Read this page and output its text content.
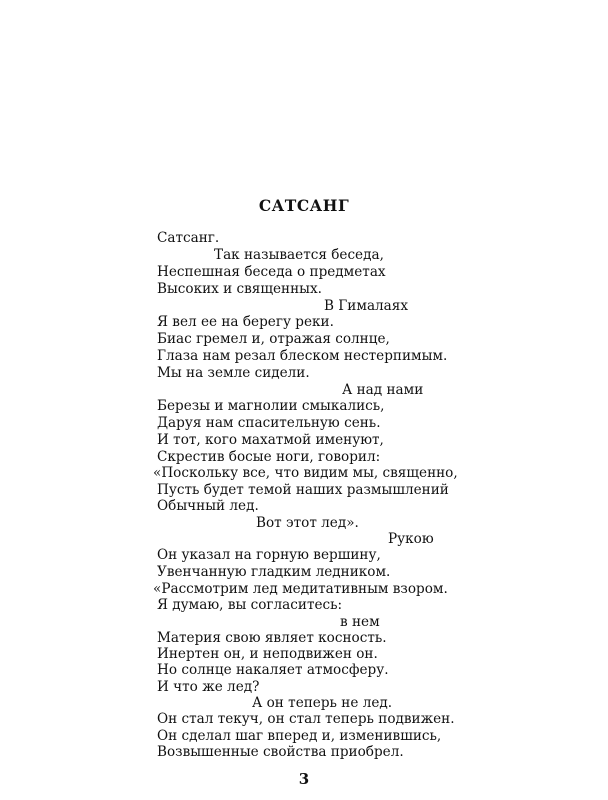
САТСАНГ
Сатсанг.
Так называется беседа,
Неспешная беседа о предметах
Высоких и священных.
В Гималаях
Я вел ее на берегу реки.
Биас гремел и, отражая солнце,
Глаза нам резал блеском нестерпимым.
Мы на земле сидели.
А над нами
Березы и магнолии смыкались,
Даруя нам спасительную сень.
И тот, кого махатмой именуют,
Скрестив босые ноги, говорил:
«Поскольку все, что видим мы, священно,
Пусть будет темой наших размышлений
Обычный лед.
Вот этот лед».
Рукою
Он указал на горную вершину,
Увенчанную гладким ледником.
«Рассмотрим лед медитативным взором.
Я думаю, вы согласитесь:
в нем
Материя свою являет косность.
Инертен он, и неподвижен он.
Но солнце накаляет атмосферу.
И что же лед?
А он теперь не лед.
Он стал текуч, он стал теперь подвижен.
Он сделал шаг вперед и, изменившись,
Возвышенные свойства приобрел.
3
